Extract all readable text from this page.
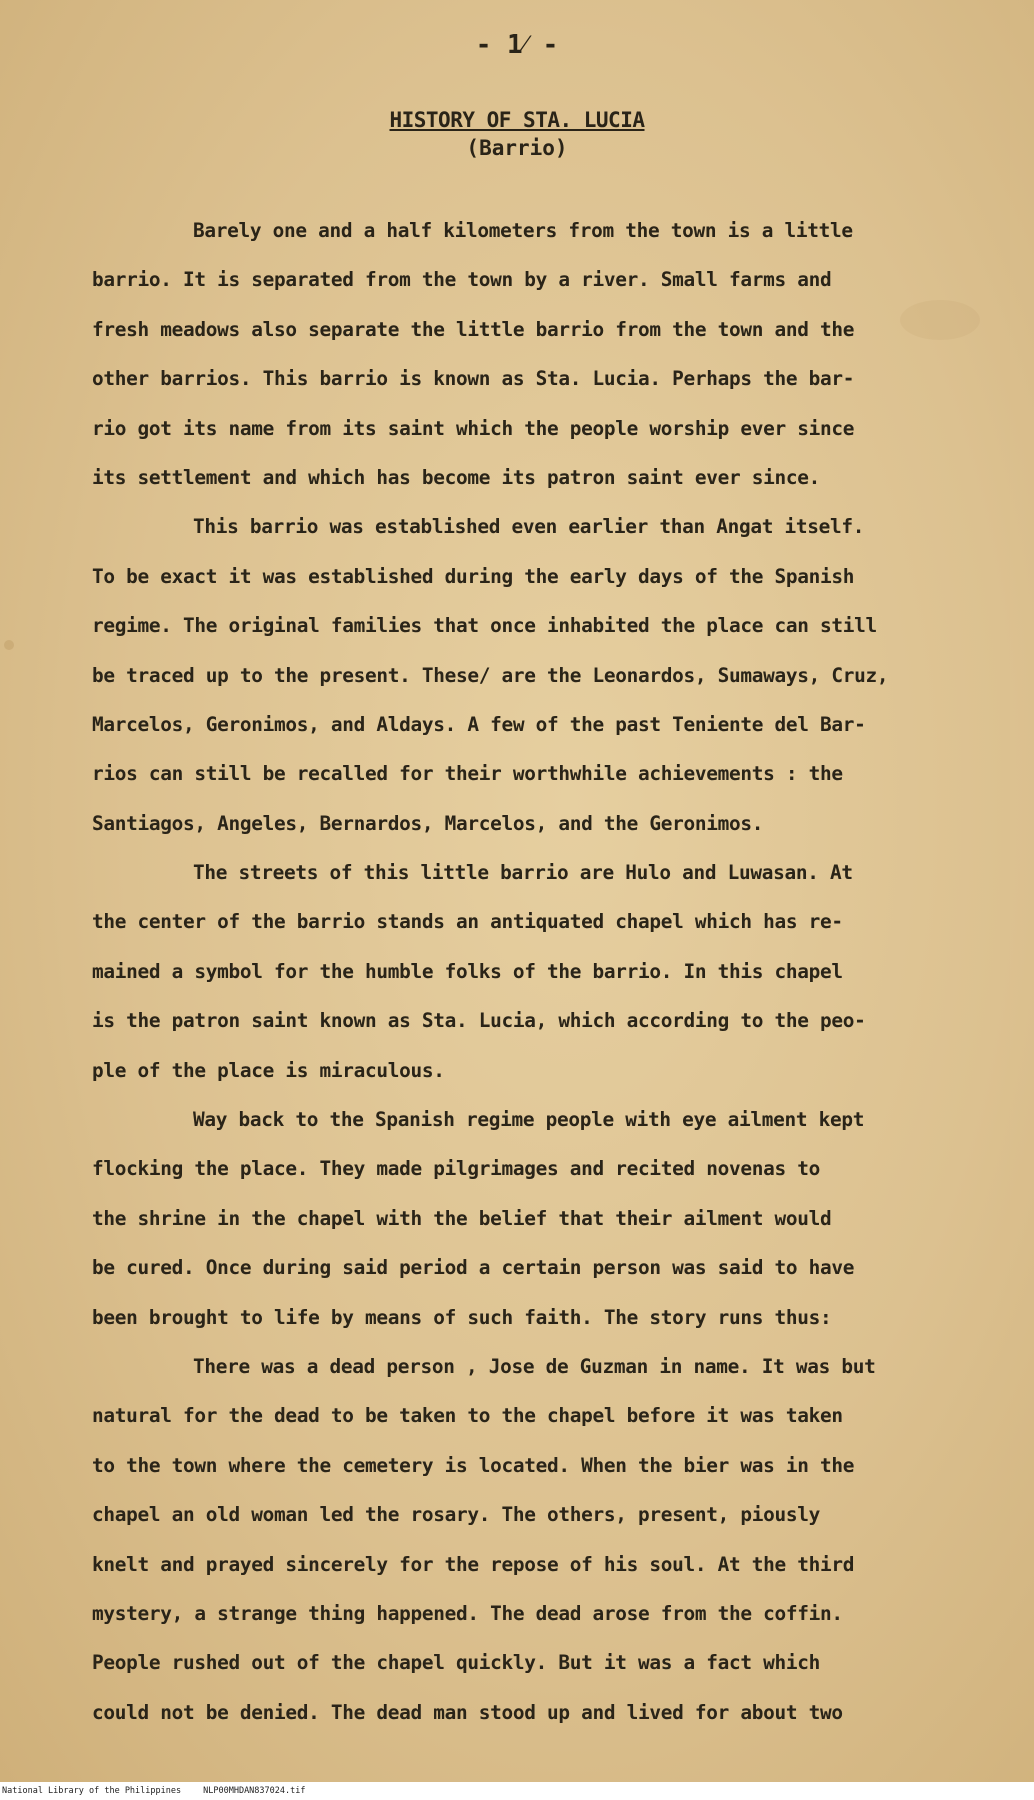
- 1⁄ -
HISTORY OF STA. LUCIA
(Barrio)
Barely one and a half kilometers from the town is a little
barrio. It is separated from the town by a river. Small farms and
fresh meadows also separate the little barrio from the town and the
other barrios. This barrio is known as Sta. Lucia. Perhaps the bar-
rio got its name from its saint which the people worship ever since
its settlement and which has become its patron saint ever since.
This barrio was established even earlier than Angat itself.
To be exact it was established during the early days of the Spanish
regime. The original families that once inhabited the place can still
be traced up to the present. These/ are the Leonardos, Sumaways, Cruz,
Marcelos, Geronimos, and Aldays. A few of the past Teniente del Bar-
rios can still be recalled for their worthwhile achievements : the
Santiagos, Angeles, Bernardos, Marcelos, and the Geronimos.
The streets of this little barrio are Hulo and Luwasan. At
the center of the barrio stands an antiquated chapel which has re-
mained a symbol for the humble folks of the barrio. In this chapel
is the patron saint known as Sta. Lucia, which according to the peo-
ple of the place is miraculous.
Way back to the Spanish regime people with eye ailment kept
flocking the place. They made pilgrimages and recited novenas to
the shrine in the chapel with the belief that their ailment would
be cured. Once during said period a certain person was said to have
been brought to life by means of such faith. The story runs thus:
There was a dead person , Jose de Guzman in name. It was but
natural for the dead to be taken to the chapel before it was taken
to the town where the cemetery is located. When the bier was in the
chapel an old woman led the rosary. The others, present, piously
knelt and prayed sincerely for the repose of his soul. At the third
mystery, a strange thing happened. The dead arose from the coffin.
People rushed out of the chapel quickly. But it was a fact which
could not be denied. The dead man stood up and lived for about two
National Library of the Philippines	NLP00MHDAN837024.tif
